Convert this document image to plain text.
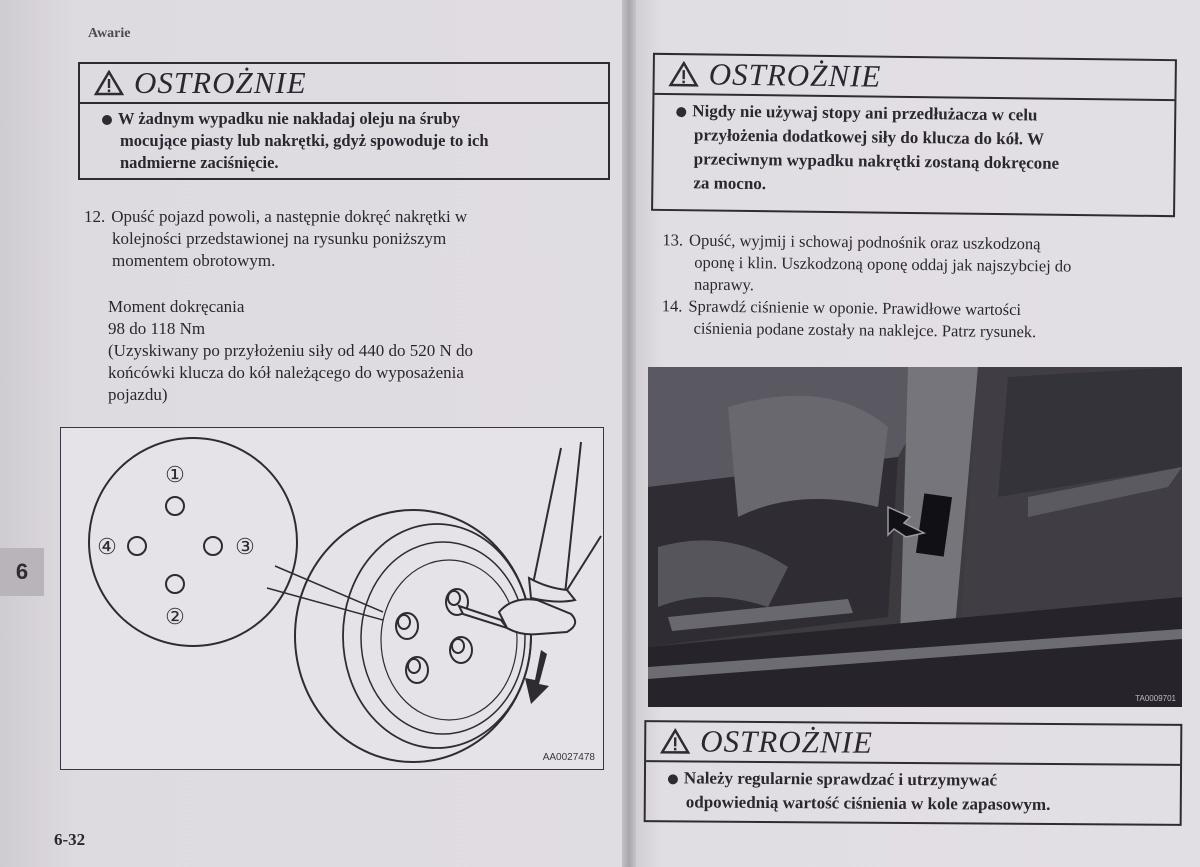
Awarie
6
6-32
OSTROŻNIE
W żadnym wypadku nie nakładaj oleju na śruby
mocujące piasty lub nakrętki, gdyż spowoduje to ich
nadmierne zaciśnięcie.
12. Opuść pojazd powoli, a następnie dokręć nakrętki w
kolejności przedstawionej na rysunku poniższym
momentem obrotowym.
Moment dokręcania
98 do 118 Nm
(Uzyskiwany po przyłożeniu siły od 440 do 520 N do
końcówki klucza do kół należącego do wyposażenia
pojazdu)
①
②
③
④
AA0027478
OSTROŻNIE
Nigdy nie używaj stopy ani przedłużacza w celu
przyłożenia dodatkowej siły do klucza do kół. W
przeciwnym wypadku nakrętki zostaną dokręcone
za mocno.
13. Opuść, wyjmij i schowaj podnośnik oraz uszkodzoną
oponę i klin. Uszkodzoną oponę oddaj jak najszybciej do
naprawy.
14. Sprawdź ciśnienie w oponie. Prawidłowe wartości
ciśnienia podane zostały na naklejce. Patrz rysunek.
TA0009701
OSTROŻNIE
Należy regularnie sprawdzać i utrzymywać
odpowiednią wartość ciśnienia w kole zapasowym.
